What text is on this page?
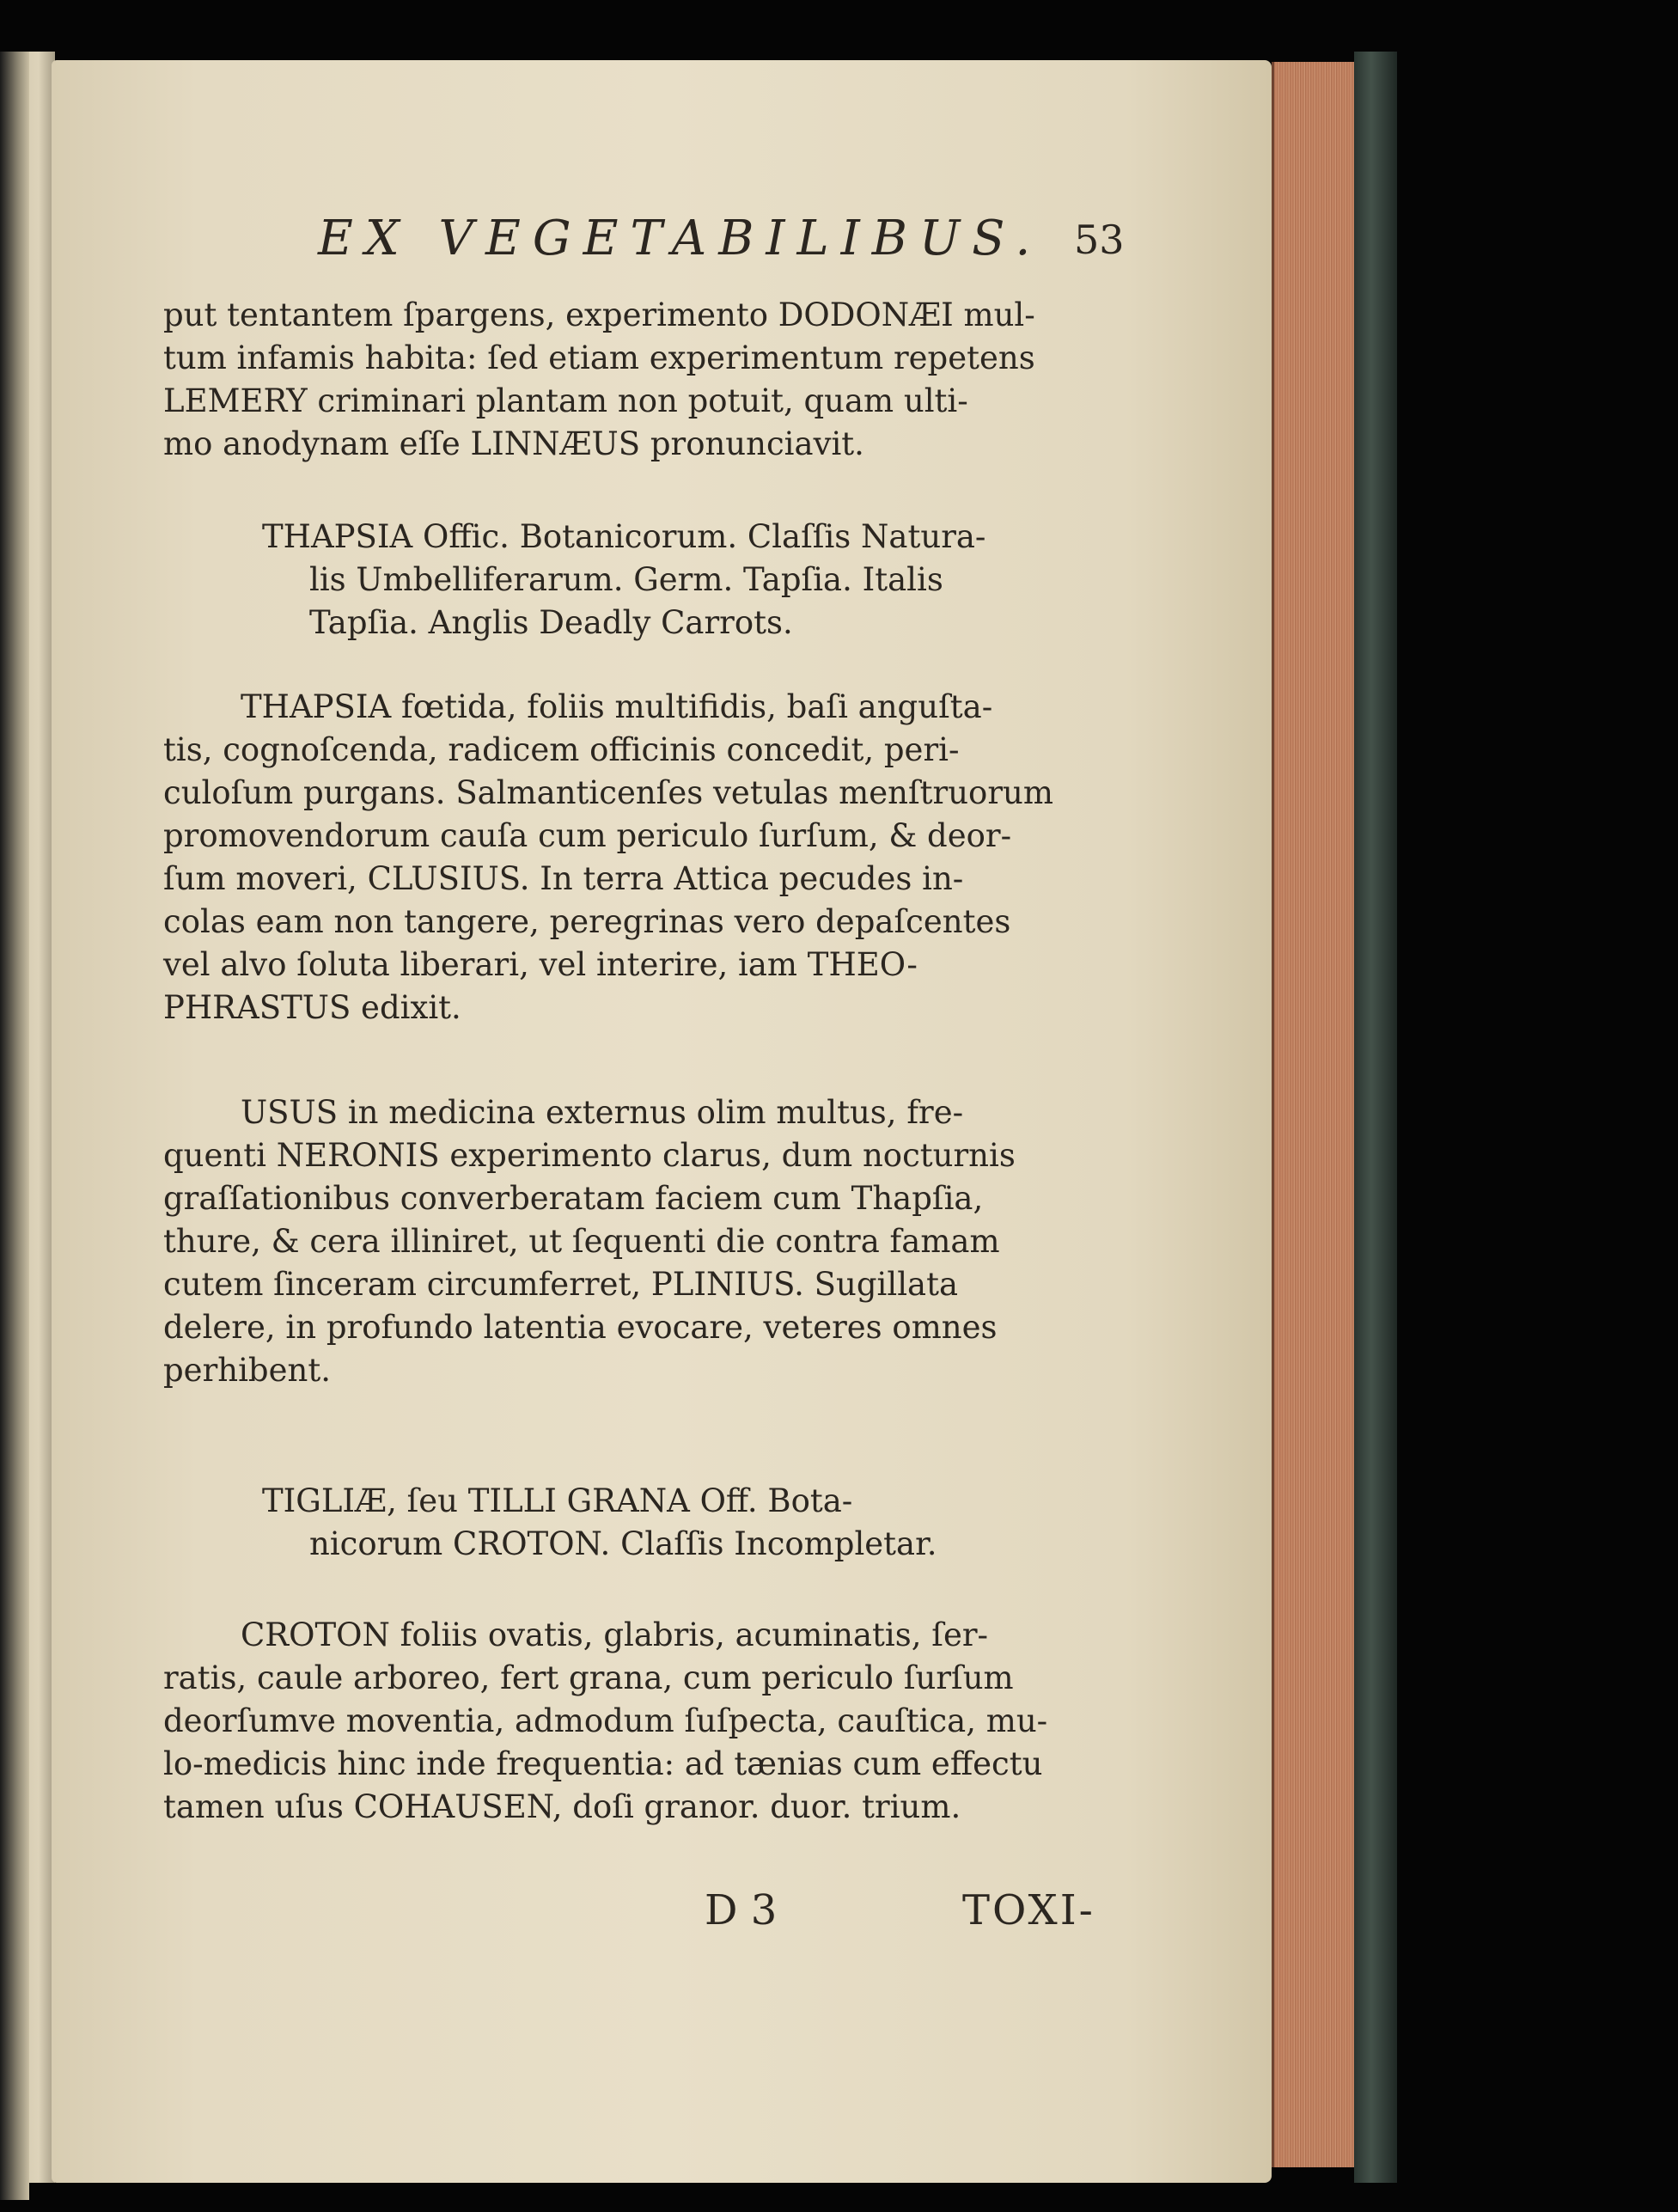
EX VEGETABILIBUS. 53
put tentantem ſpargens, experimento DODONÆI mul-
tum infamis habita: ſed etiam experimentum repetens
LEMERY criminari plantam non potuit, quam ulti-
mo anodynam eſſe LINNÆUS pronunciavit.
THAPSIA Offic. Botanicorum. Claſſis Natura-
lis Umbelliferarum. Germ. Tapſia. Italis
Tapſia. Anglis Deadly Carrots.
THAPSIA fœtida, foliis multifidis, baſi anguſta-
tis, cognoſcenda, radicem officinis concedit, peri-
culoſum purgans. Salmanticenſes vetulas menſtruorum
promovendorum cauſa cum periculo ſurſum, & deor-
ſum moveri, CLUSIUS. In terra Attica pecudes in-
colas eam non tangere, peregrinas vero depaſcentes
vel alvo ſoluta liberari, vel interire, iam THEO-
PHRASTUS edixit.
USUS in medicina externus olim multus, fre-
quenti NERONIS experimento clarus, dum nocturnis
graſſationibus converberatam faciem cum Thapſia,
thure, & cera illiniret, ut ſequenti die contra famam
cutem ſinceram circumferret, PLINIUS. Sugillata
delere, in profundo latentia evocare, veteres omnes
perhibent.
TIGLIÆ, ſeu TILLI GRANA Off. Bota-
nicorum CROTON. Claſſis Incompletar.
CROTON foliis ovatis, glabris, acuminatis, ſer-
ratis, caule arboreo, fert grana, cum periculo ſurſum
deorſumve moventia, admodum ſuſpecta, cauſtica, mu-
lo-medicis hinc inde frequentia: ad tænias cum effectu
tamen uſus COHAUSEN, doſi granor. duor. trium.
D 3	TOXI-
